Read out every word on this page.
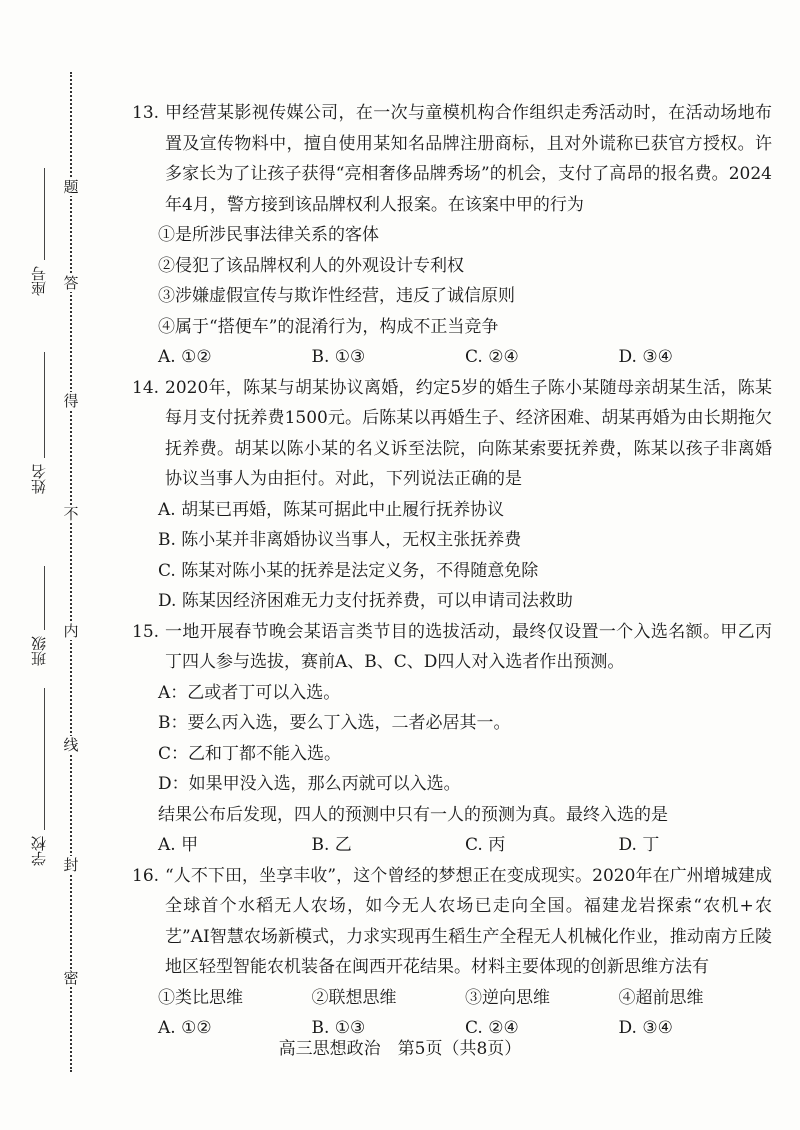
题
答
得
不
内
线
封
密
座号
姓名
班级
学校
13. 甲经营某影视传媒公司，在一次与童模机构合作组织走秀活动时，在活动场地布置及宣传物料中，擅自使用某知名品牌注册商标，且对外谎称已获官方授权。许多家长为了让孩子获得“亮相奢侈品牌秀场”的机会，支付了高昂的报名费。2024年4月，警方接到该品牌权利人报案。在该案中甲的行为
①是所涉民事法律关系的客体
②侵犯了该品牌权利人的外观设计专利权
③涉嫌虚假宣传与欺诈性经营，违反了诚信原则
④属于“搭便车”的混淆行为，构成不正当竞争
A. ①②	B. ①③	C. ②④	D. ③④
14. 2020年，陈某与胡某协议离婚，约定5岁的婚生子陈小某随母亲胡某生活，陈某每月支付抚养费1500元。后陈某以再婚生子、经济困难、胡某再婚为由长期拖欠抚养费。胡某以陈小某的名义诉至法院，向陈某索要抚养费，陈某以孩子非离婚协议当事人为由拒付。对此，下列说法正确的是
A. 胡某已再婚，陈某可据此中止履行抚养协议
B. 陈小某并非离婚协议当事人，无权主张抚养费
C. 陈某对陈小某的抚养是法定义务，不得随意免除
D. 陈某因经济困难无力支付抚养费，可以申请司法救助
15. 一地开展春节晚会某语言类节目的选拔活动，最终仅设置一个入选名额。甲乙丙丁四人参与选拔，赛前A、B、C、D四人对入选者作出预测。
A：乙或者丁可以入选。
B：要么丙入选，要么丁入选，二者必居其一。
C：乙和丁都不能入选。
D：如果甲没入选，那么丙就可以入选。
结果公布后发现，四人的预测中只有一人的预测为真。最终入选的是
A. 甲	B. 乙	C. 丙	D. 丁
16. “人不下田，坐享丰收”，这个曾经的梦想正在变成现实。2020年在广州增城建成全球首个水稻无人农场，如今无人农场已走向全国。福建龙岩探索“农机+农艺”AI智慧农场新模式，力求实现再生稻生产全程无人机械化作业，推动南方丘陵地区轻型智能农机装备在闽西开花结果。材料主要体现的创新思维方法有
①类比思维	②联想思维	③逆向思维	④超前思维
A. ①②	B. ①③	C. ②④	D. ③④
高三思想政治　第5页（共8页）
